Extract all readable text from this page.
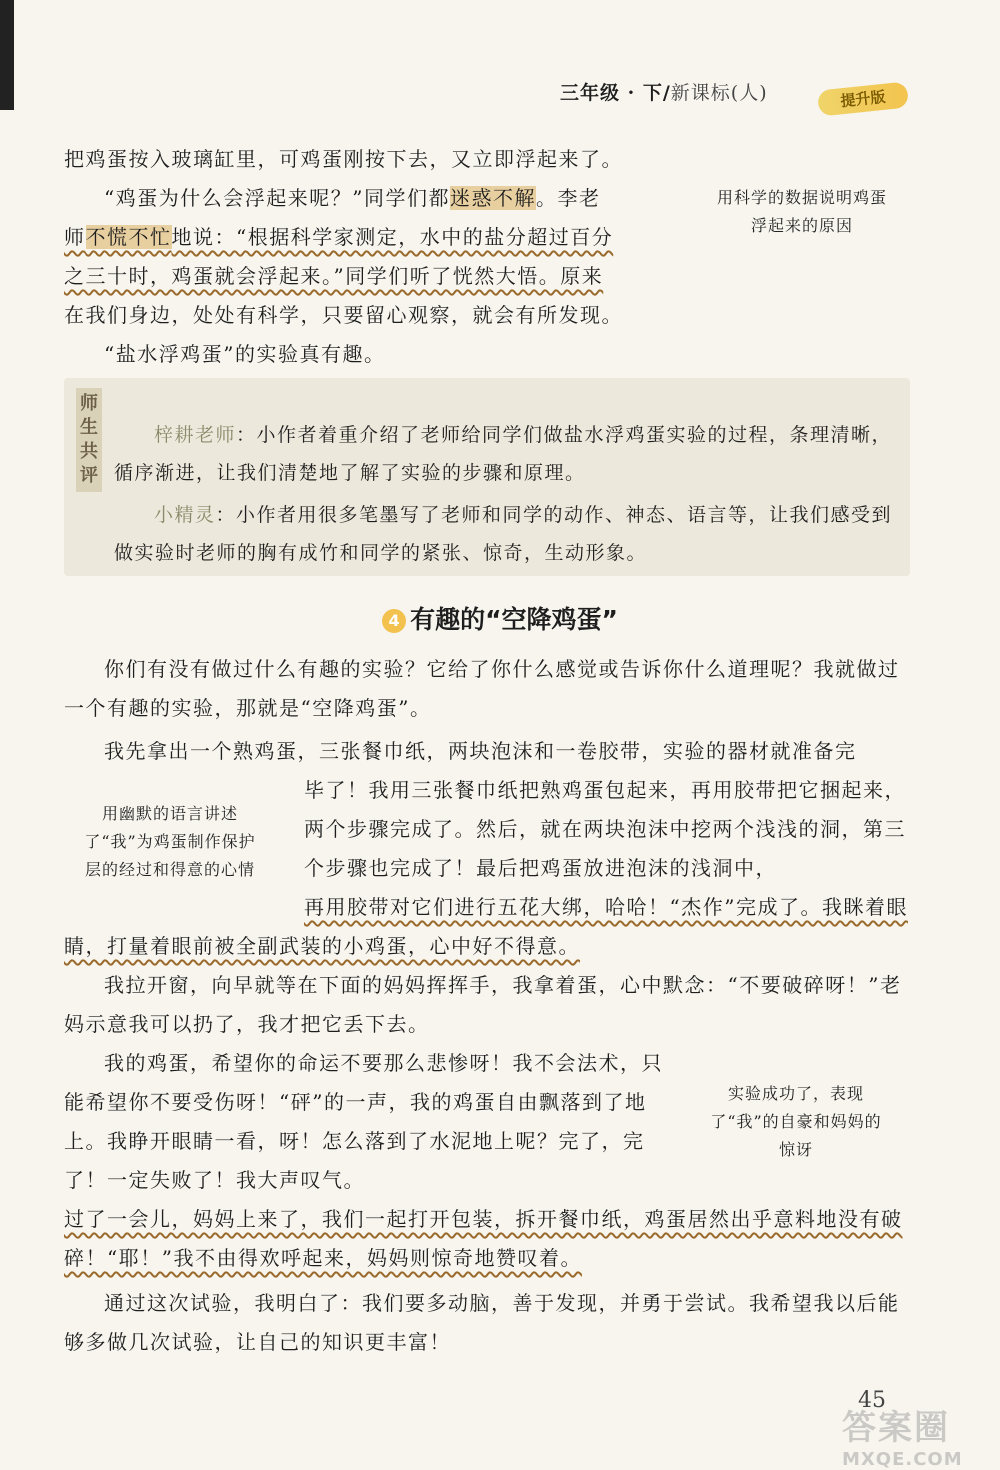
三年级 · 下/新课标(人)	提升版
把鸡蛋按入玻璃缸里，可鸡蛋刚按下去，又立即浮起来了。
“鸡蛋为什么会浮起来呢？”同学们都迷惑不解。李老
师不慌不忙地说：“根据科学家测定，水中的盐分超过百分
之三十时，鸡蛋就会浮起来。”同学们听了恍然大悟。原来
在我们身边，处处有科学，只要留心观察，就会有所发现。
“盐水浮鸡蛋”的实验真有趣。
用科学的数据说明鸡蛋浮起来的原因
师生共评
梓耕老师：小作者着重介绍了老师给同学们做盐水浮鸡蛋实验的过程，条理清晰，循序渐进，让我们清楚地了解了实验的步骤和原理。
小精灵：小作者用很多笔墨写了老师和同学的动作、神态、语言等，让我们感受到做实验时老师的胸有成竹和同学的紧张、惊奇，生动形象。
4 有趣的“空降鸡蛋”
你们有没有做过什么有趣的实验？它给了你什么感觉或告诉你什么道理呢？我就做过一个有趣的实验，那就是“空降鸡蛋”。
我先拿出一个熟鸡蛋，三张餐巾纸，两块泡沫和一卷胶带，实验的器材就准备完
毕了！我用三张餐巾纸把熟鸡蛋包起来，再用胶带把它捆起来，两个步骤完成了。然后，就在两块泡沫中挖两个浅浅的洞，第三个步骤也完成了！最后把鸡蛋放进泡沫的浅洞中，
用幽默的语言讲述了“我”为鸡蛋制作保护层的经过和得意的心情
再用胶带对它们进行五花大绑，哈哈！“杰作”完成了。我眯着眼睛，打量着眼前被全副武装的小鸡蛋，心中好不得意。
我拉开窗，向早就等在下面的妈妈挥挥手，我拿着蛋，心中默念：“不要破碎呀！”老妈示意我可以扔了，我才把它丢下去。
我的鸡蛋，希望你的命运不要那么悲惨呀！我不会法术，只能希望你不要受伤呀！“砰”的一声，我的鸡蛋自由飘落到了地上。我睁开眼睛一看，呀！怎么落到了水泥地上呢？完了，完了！一定失败了！我大声叹气。
实验成功了，表现了“我”的自豪和妈妈的惊讶
过了一会儿，妈妈上来了，我们一起打开包装，拆开餐巾纸，鸡蛋居然出乎意料地没有破碎！“耶！”我不由得欢呼起来，妈妈则惊奇地赞叹着。
通过这次试验，我明白了：我们要多动脑，善于发现，并勇于尝试。我希望我以后能够多做几次试验，让自己的知识更丰富！
45
答案圈
MXQE.COM
